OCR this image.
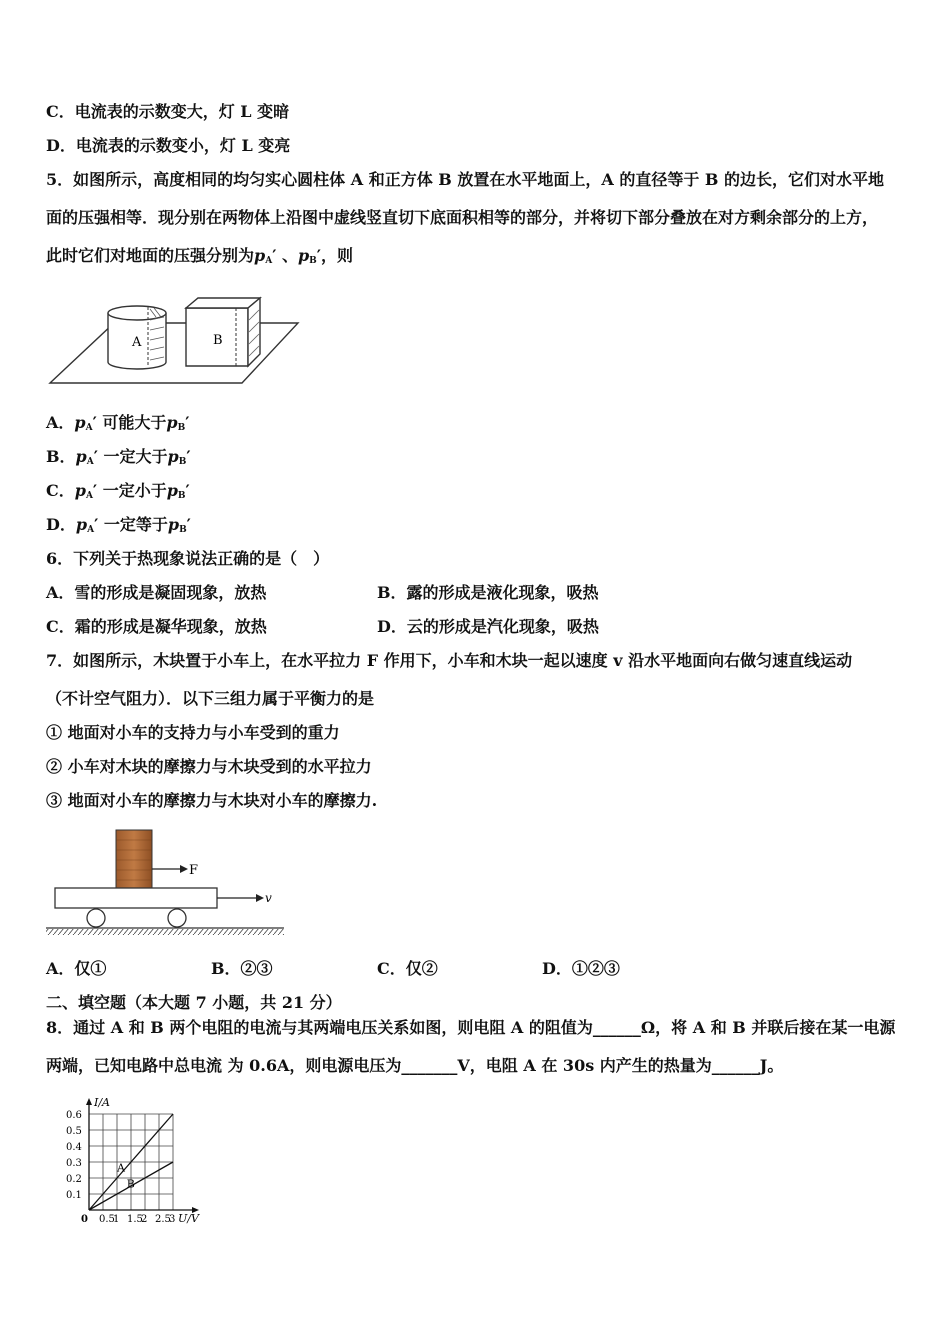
C．电流表的示数变大，灯 L 变暗
D．电流表的示数变小，灯 L 变亮
5．如图所示，高度相同的均匀实心圆柱体 A 和正方体 B 放置在水平地面上，A 的直径等于 B 的边长，它们对水平地
面的压强相等．现分别在两物体上沿图中虚线竖直切下底面积相等的部分，并将切下部分叠放在对方剩余部分的上方，
此时它们对地面的压强分别为$p_A'$ 、$p_B'$，则
A	B
A．$p_A'$ 可能大于$p_B'$
B．$p_A'$ 一定大于$p_B'$
C．$p_A'$ 一定小于$p_B'$
D．$p_A'$ 一定等于$p_B'$
6．下列关于热现象说法正确的是（　）
A．雪的形成是凝固现象，放热	B．露的形成是液化现象，吸热
C．霜的形成是凝华现象，放热	D．云的形成是汽化现象，吸热
7．如图所示，木块置于小车上，在水平拉力 F 作用下，小车和木块一起以速度 v 沿水平地面向右做匀速直线运动
（不计空气阻力）．以下三组力属于平衡力的是
① 地面对小车的支持力与小车受到的重力
② 小车对木块的摩擦力与木块受到的水平拉力
③ 地面对小车的摩擦力与木块对小车的摩擦力.
F
v
A．仅①	B．②③	C．仅②	D．①②③
二、填空题（本大题 7 小题，共 21 分）
8．通过 A 和 B 两个电阻的电流与其两端电压关系如图，则电阻 A 的阻值为______Ω，将 A 和 B 并联后接在某一电源
两端，已知电路中总电流 为 0.6A，则电源电压为_______V，电阻 A 在 30s 内产生的热量为______J。
0 0.5
1 1.5
2 2.5
3
0.1
0.2
0.3
0.4
0.5
0.6
I/A
U/V
A
B
